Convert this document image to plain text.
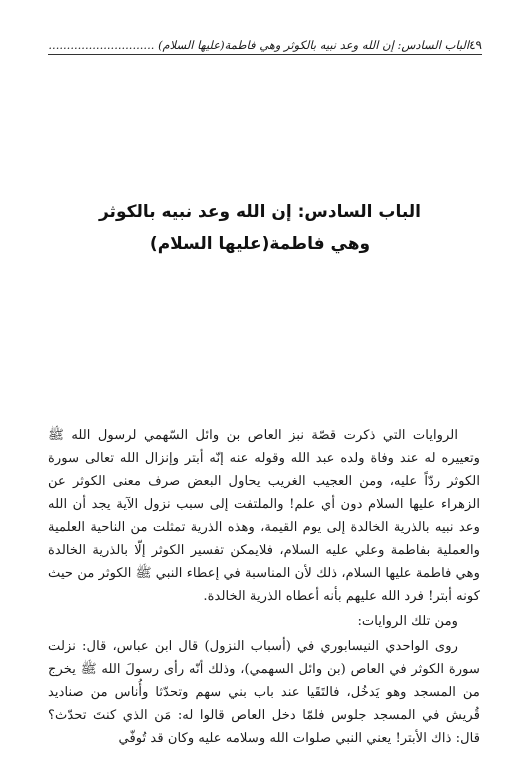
٤٩
الباب السادس: إن الله وعد نبيه بالكوثر وهي فاطمة(عليها السلام) .............................
الباب السادس: إن الله وعد نبيه بالكوثر
وهي فاطمة(عليها السلام)

الروايات التي ذكرت قصّة نبز العاص بن وائل السّهمي لرسول الله ﷺ وتعييره له عند وفاة ولده عبد الله وقوله عنه إنّه أبتر وإنزال الله تعالى سورة الكوثر ردّاً عليه، ومن العجيب الغريب يحاول البعض صرف معنى الكوثر عن الزهراء عليها السلام دون أي علم! والملتفت إلى سبب نزول الآية يجد أن الله وعد نبيه بالذرية الخالدة إلى يوم القيمة، وهذه الذرية تمثلت من الناحية العلمية والعملية بفاطمة وعلي عليه السلام، فلايمكن تفسير الكوثر إلّا بالذرية الخالدة وهي فاطمة عليها السلام، ذلك لأن المناسبة في إعطاء النبي ﷺ الكوثر من حيث كونه أبتر! فرد الله عليهم بأنه أعطاه الذرية الخالدة.

ومن تلك الروايات:

روى الواحدي النيسابوري في (أسباب النزول) قال ابن عباس، قال: نزلت سورة الكوثر في العاص (بن وائل السهمي)، وذلك أنّه رأى رسولَ الله ﷺ يخرج من المسجد وهو يَدخُل، فالتَقَيا عند باب بني سهم وتحدّثا وأُناس من صناديد قُريش في المسجد جلوس فلمّا دخل العاص قالوا له: مَن الذي كنتَ تحدّث؟ قال: ذاك الأبتر! يعني النبي صلوات الله وسلامه عليه وكان قد تُوفّي
